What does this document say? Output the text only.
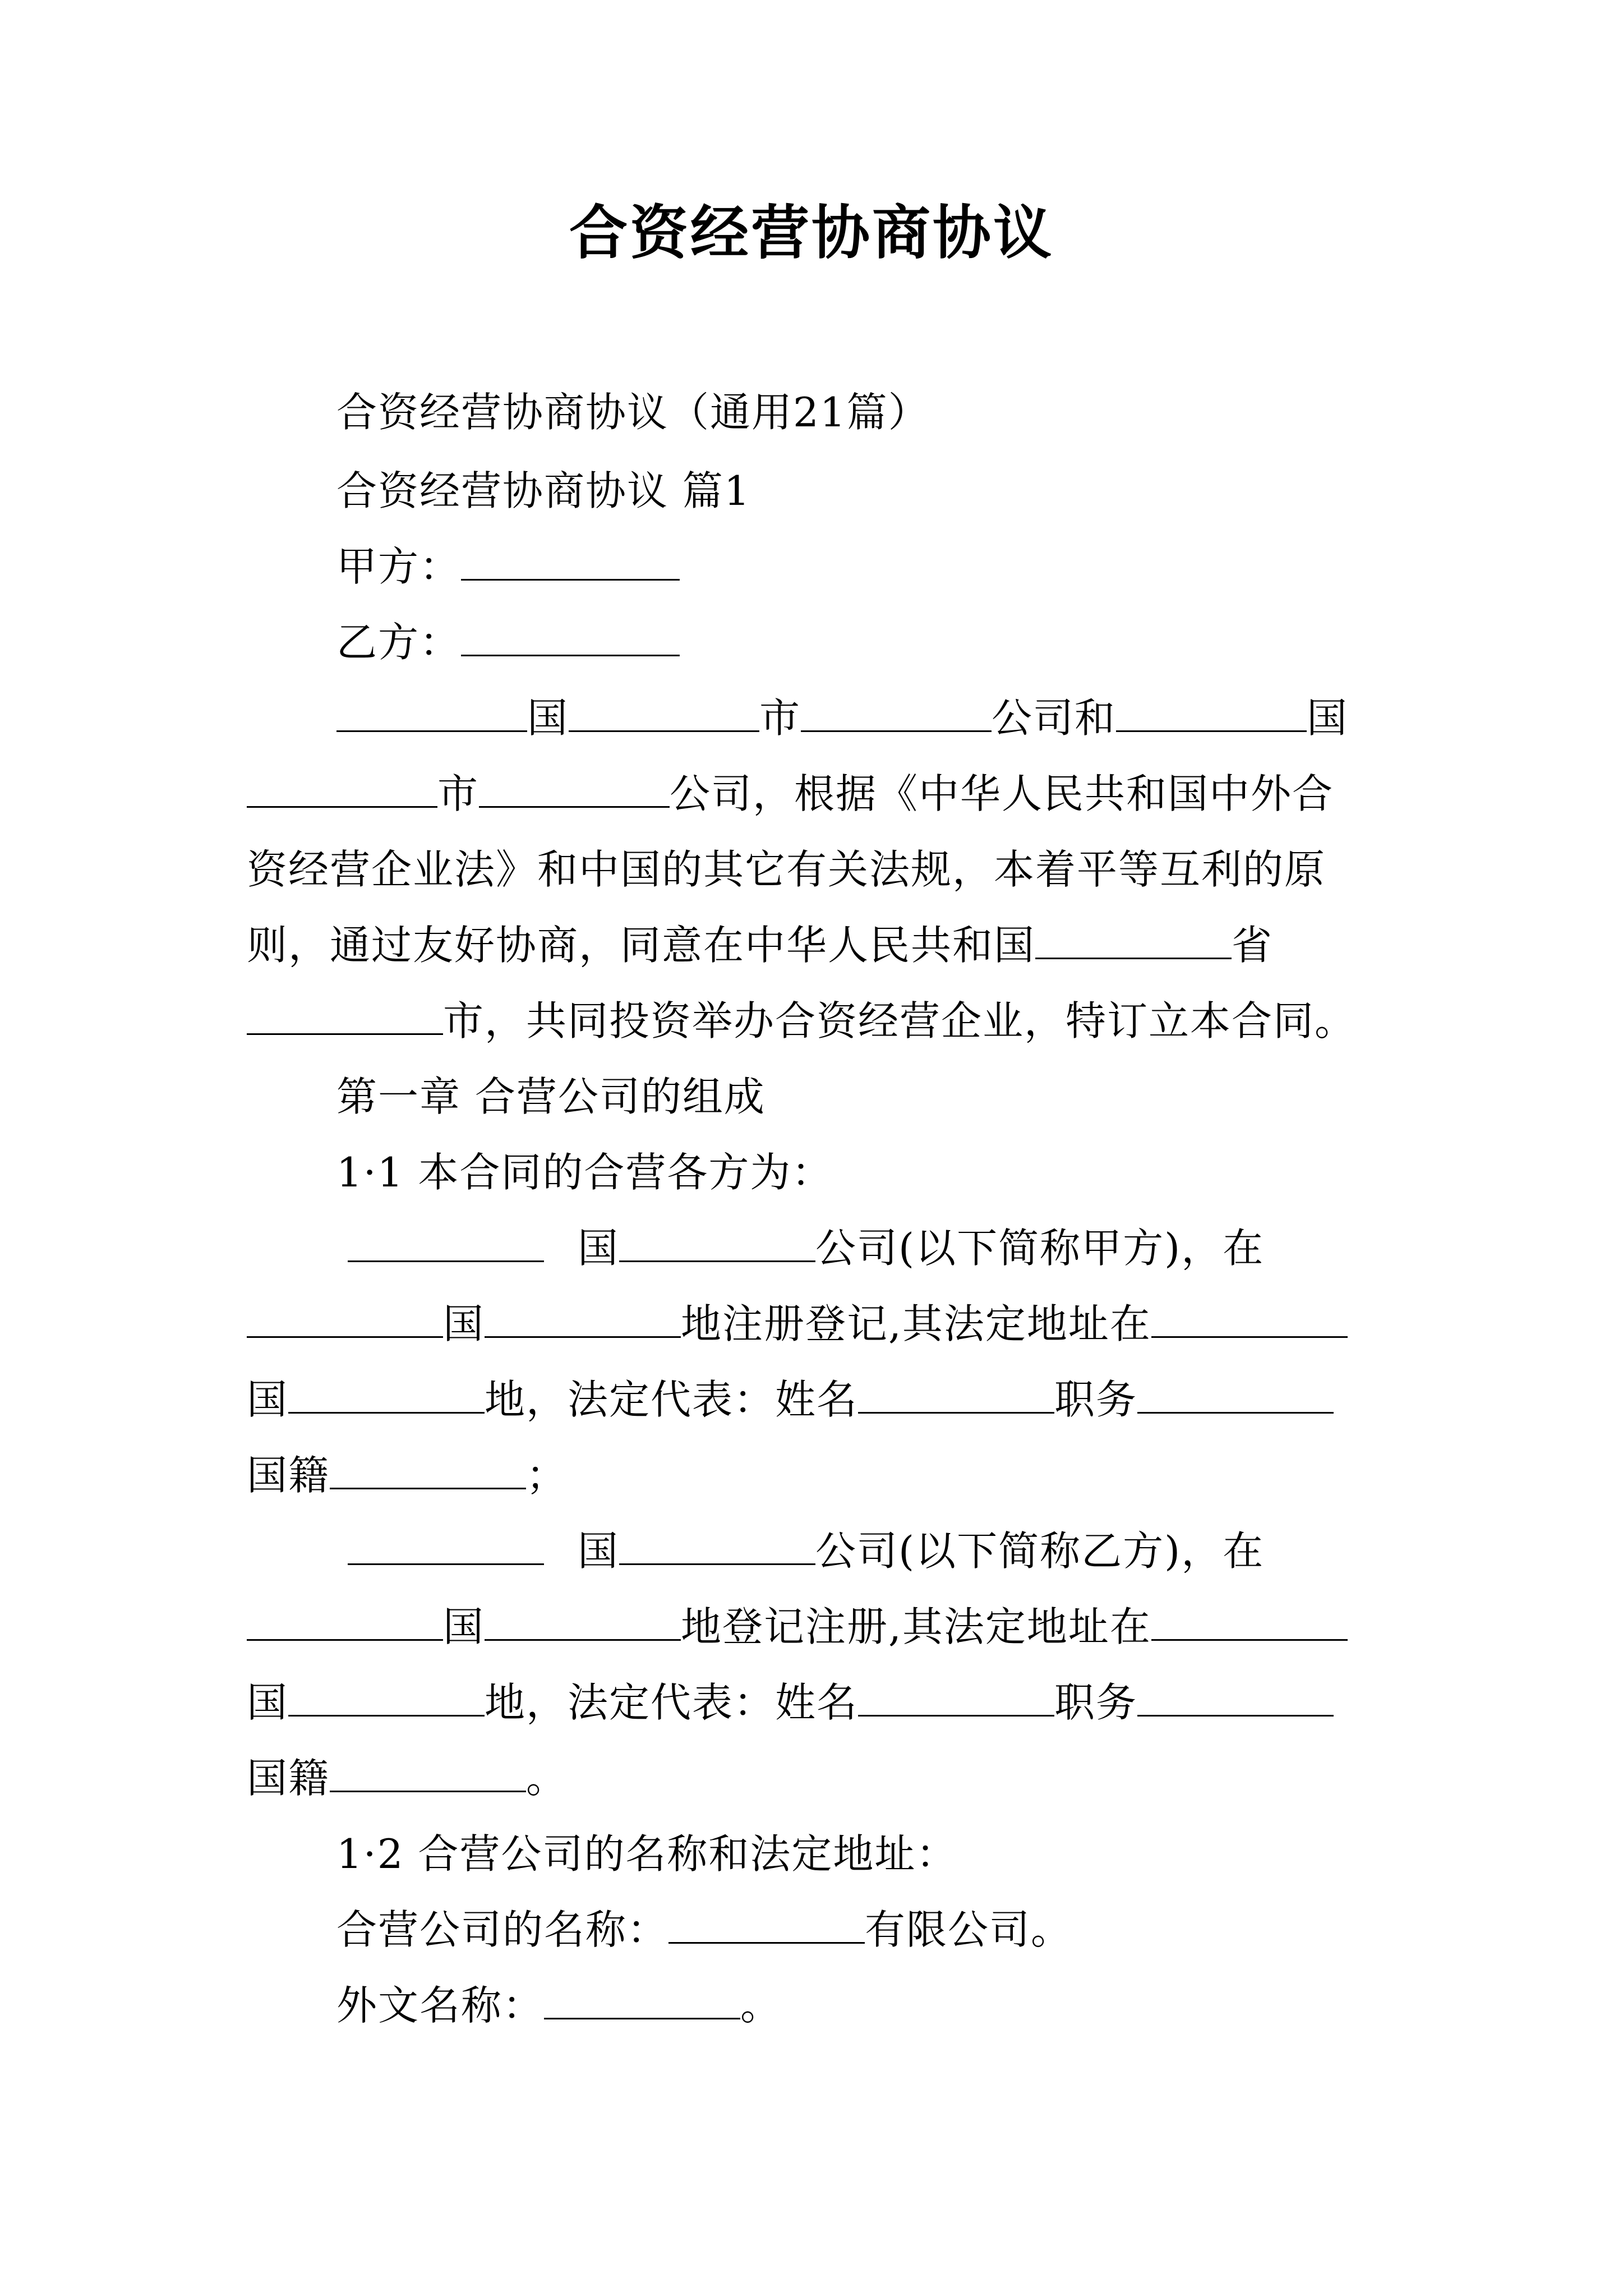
合资经营协商协议
合资经营协商协议（通用21篇）
合资经营协商协议 篇1
甲方：
乙方：
国	市	公司和	国
市	公司，根据《中华人民共和国中外合
资经营企业法》和中国的其它有关法规，本着平等互利的原
则，通过友好协商，同意在中华人民共和国	省
市，共同投资举办合资经营企业，特订立本合同。
第一章 合营公司的组成
1·1 本合同的合营各方为：
国	公司(以下简称甲方)，在
国	地注册登记,其法定地址在
国	地，法定代表：姓名	职务
国籍	；
国	公司(以下简称乙方)，在
国	地登记注册,其法定地址在
国	地，法定代表：姓名	职务
国籍	。
1·2 合营公司的名称和法定地址：
合营公司的名称：	有限公司。
外文名称：	。
